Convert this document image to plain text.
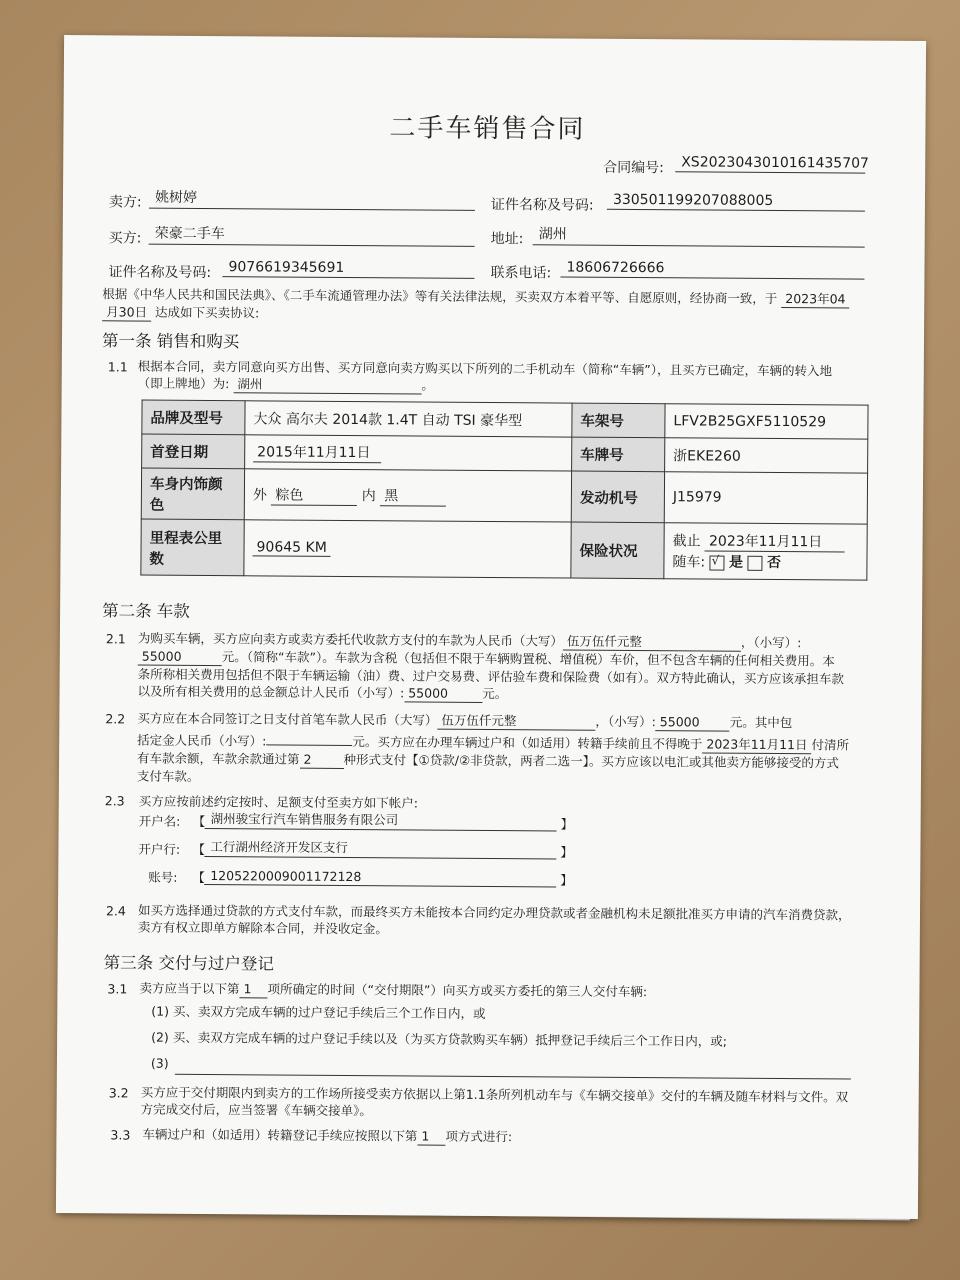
二手车销售合同
合同编号: XS2023043010161435707
卖方: 姚树婷	证件名称及号码: 330501199207088005
买方: 荣豪二手车	地址: 湖州
证件名称及号码: 9076619345691	联系电话: 18606726666
根据《中华人民共和国民法典》、《二手车流通管理办法》等有关法律法规，买卖双方本着平等、自愿原则，经协商一致，于 2023年04
月30日 达成如下买卖协议:
第一条 销售和购买
1.1 根据本合同，卖方同意向买方出售、买方同意向卖方购买以下所列的二手机动车（简称“车辆”），且买方已确定，车辆的转入地
（即上牌地）为: 湖州	。
品牌及型号	大众 高尔夫 2014款 1.4T 自动 TSI 豪华型	车架号	LFV2B25GXF5110529
首登日期	2015年11月11日	车牌号	浙EKE260
车身内饰颜色	外 粽色 内 黑	发动机号	J15979
里程表公里数	90645 KM	保险状况	截止 2023年11月11日
随车: √ 是 否
第二条 车款
2.1 为购买车辆，买方应向卖方或卖方委托代收款方支付的车款为人民币（大写） 伍万伍仟元整	，（小写）:
55000	元。（简称“车款”）。车款为含税（包括但不限于车辆购置税、增值税）车价，但不包含车辆的任何相关费用。本
条所称相关费用包括但不限于车辆运输（油）费、过户交易费、评估验车费和保险费（如有）。双方特此确认，买方应该承担车款
以及所有相关费用的总金额总计人民币（小写）: 55000	元。
2.2 买方应在本合同签订之日支付首笔车款人民币（大写） 伍万伍仟元整	，（小写）: 55000 元。其中包
括定金人民币（小写）:	元。买方应在办理车辆过户和（如适用）转籍手续前且不得晚于 2023年11月11日 付清所
有车款余额，车款余款通过第 2	种形式支付【①贷款/②非贷款，两者二选一】。买方应该以电汇或其他卖方能够接受的方式
支付车款。
2.3 买方应按前述约定按时、足额支付至卖方如下帐户:
开户名: 【 湖州骏宝行汽车销售服务有限公司	】
开户行: 【 工行湖州经济开发区支行	】
账号: 【 1205220009001172128	】
2.4 如买方选择通过贷款的方式支付车款，而最终买方未能按本合同约定办理贷款或者金融机构未足额批准买方申请的汽车消费贷款，
卖方有权立即单方解除本合同，并没收定金。
第三条 交付与过户登记
3.1 卖方应当于以下第 1 项所确定的时间（“交付期限”）向买方或买方委托的第三人交付车辆:
(1) 买、卖双方完成车辆的过户登记手续后三个工作日内，或
(2) 买、卖双方完成车辆的过户登记手续以及（为买方贷款购买车辆）抵押登记手续后三个工作日内，或;
(3)
3.2 买方应于交付期限内到卖方的工作场所接受卖方依据以上第1.1条所列机动车与《车辆交接单》交付的车辆及随车材料与文件。双
方完成交付后，应当签署《车辆交接单》。
3.3 车辆过户和（如适用）转籍登记手续应按照以下第 1 项方式进行:
